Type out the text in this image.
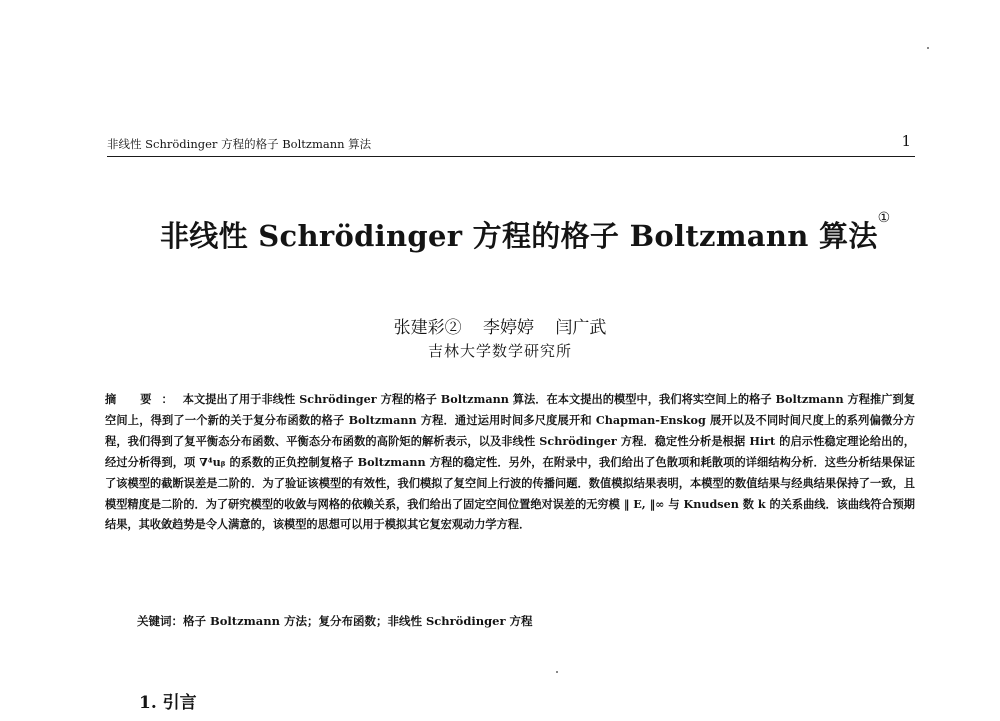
非线性 Schrödinger 方程的格子 Boltzmann 算法	1
非线性 Schrödinger 方程的格子 Boltzmann 算法①
张建彩② 李婷婷 闫广武
吉林大学数学研究所
摘 要：本文提出了用于非线性 Schrödinger 方程的格子 Boltzmann 算法．在本文提出的模型中，我们将实空间上的格子 Boltzmann 方程推广到复空间上，得到了一个新的关于复分布函数的格子 Boltzmann 方程．通过运用时间多尺度展开和 Chapman-Enskog 展开以及不同时间尺度上的系列偏微分方程，我们得到了复平衡态分布函数、平衡态分布函数的高阶矩的解析表示，以及非线性 Schrödinger 方程．稳定性分析是根据 Hirt 的启示性稳定理论给出的，经过分析得到，项 ∇⁴uᵦ 的系数的正负控制复格子 Boltzmann 方程的稳定性．另外，在附录中，我们给出了色散项和耗散项的详细结构分析．这些分析结果保证了该模型的截断误差是二阶的．为了验证该模型的有效性，我们模拟了复空间上行波的传播问题．数值模拟结果表明，本模型的数值结果与经典结果保持了一致，且模型精度是二阶的．为了研究模型的收敛与网格的依赖关系，我们给出了固定空间位置绝对误差的无穷模 ‖ E, ‖∞ 与 Knudsen 数 k 的关系曲线．该曲线符合预期结果，其收敛趋势是令人满意的，该模型的思想可以用于模拟其它复宏观动力学方程．
关键词：格子 Boltzmann 方法；复分布函数；非线性 Schrödinger 方程
1. 引言
